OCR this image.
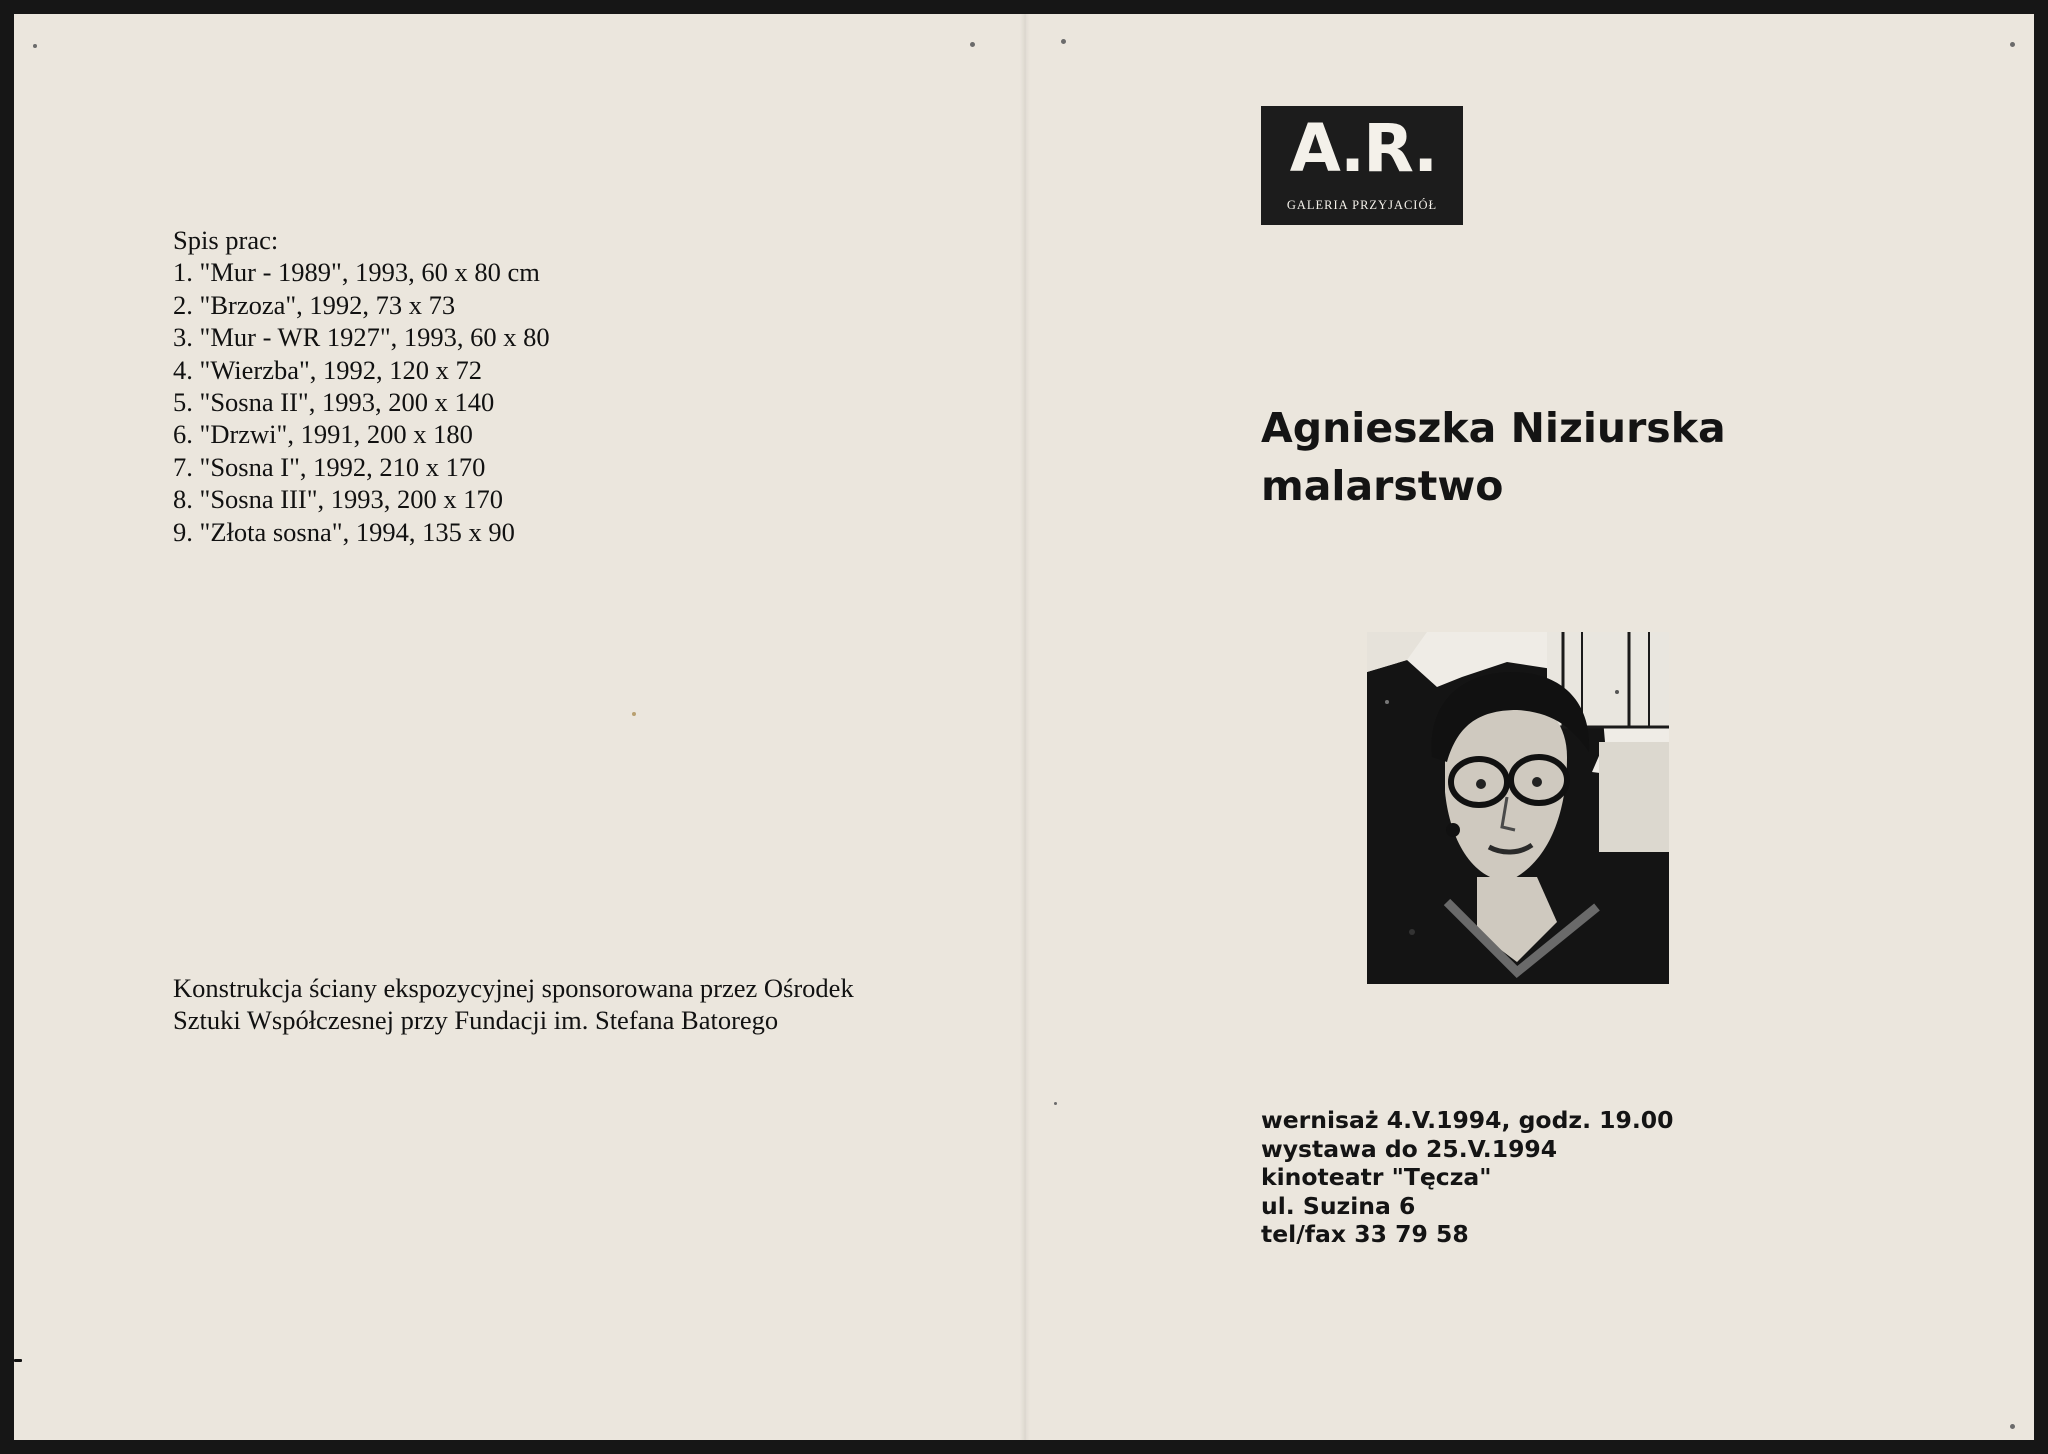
Spis prac:
1. "Mur - 1989", 1993, 60 x 80 cm
2. "Brzoza", 1992, 73 x 73
3. "Mur - WR 1927", 1993, 60 x 80
4. "Wierzba", 1992, 120 x 72
5. "Sosna II", 1993, 200 x 140
6. "Drzwi", 1991, 200 x 180
7. "Sosna I", 1992, 210 x 170
8. "Sosna III", 1993, 200 x 170
9. "Złota sosna", 1994, 135 x 90
Konstrukcja ściany ekspozycyjnej sponsorowana przez Ośrodek Sztuki Współczesnej przy Fundacji im. Stefana Batorego
A.R.
GALERIA PRZYJACIÓŁ
Agnieszka Niziurska
malarstwo
wernisaż 4.V.1994, godz. 19.00
wystawa do 25.V.1994
kinoteatr "Tęcza"
ul. Suzina 6
tel/fax 33 79 58
